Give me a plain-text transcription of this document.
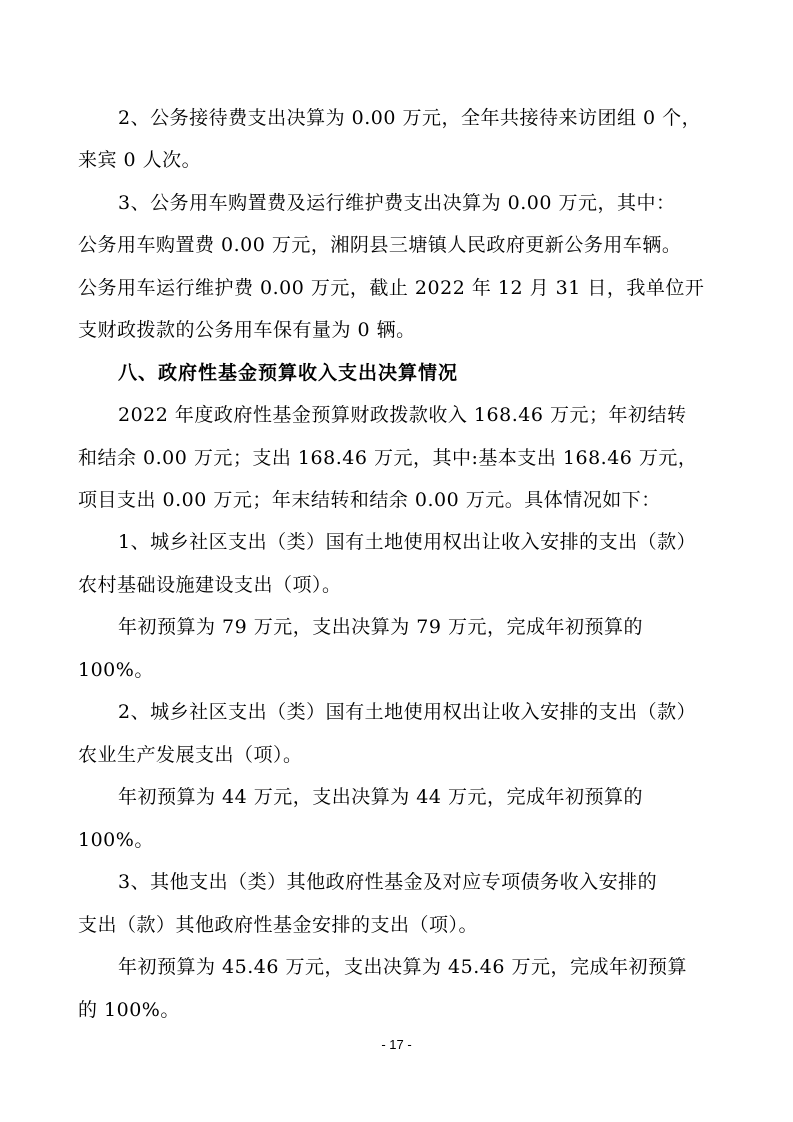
2、公务接待费支出决算为 0.00 万元，全年共接待来访团组 0 个，
来宾 0 人次。
3、公务用车购置费及运行维护费支出决算为 0.00 万元，其中：
公务用车购置费 0.00 万元，湘阴县三塘镇人民政府更新公务用车辆。
公务用车运行维护费 0.00 万元，截止 2022 年 12 月 31 日，我单位开
支财政拨款的公务用车保有量为 0 辆。
八、政府性基金预算收入支出决算情况
2022 年度政府性基金预算财政拨款收入 168.46 万元；年初结转
和结余 0.00 万元；支出 168.46 万元，其中:基本支出 168.46 万元，
项目支出 0.00 万元；年末结转和结余 0.00 万元。具体情况如下：
1、城乡社区支出（类）国有土地使用权出让收入安排的支出（款）
农村基础设施建设支出（项）。
年初预算为 79 万元，支出决算为 79 万元，完成年初预算的
100%。
2、城乡社区支出（类）国有土地使用权出让收入安排的支出（款）
农业生产发展支出（项）。
年初预算为 44 万元，支出决算为 44 万元，完成年初预算的
100%。
3、其他支出（类）其他政府性基金及对应专项债务收入安排的
支出（款）其他政府性基金安排的支出（项）。
年初预算为 45.46 万元，支出决算为 45.46 万元，完成年初预算
的 100%。
- 17 -
